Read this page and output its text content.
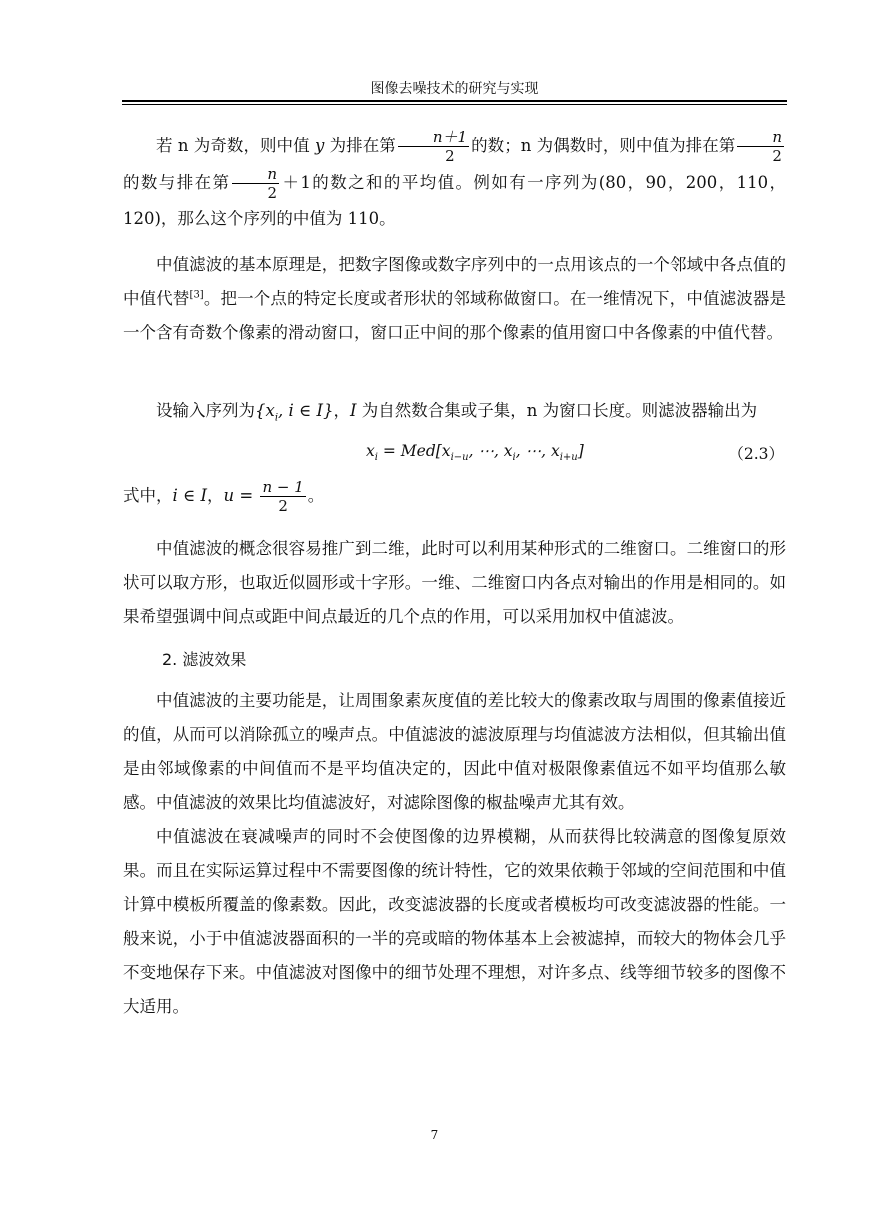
图像去噪技术的研究与实现

若 n 为奇数，则中值 y 为排在第 $\frac{n+1}{2}$ 的数；n 为偶数时，则中值为排在第 $\frac{n}{2}$
的数与排在第 $\frac{n}{2} +1$的数之和的平均值。例如有一序列为(80，90，200，110，120)，那么这个序列的中值为 110。

中值滤波的基本原理是，把数字图像或数字序列中的一点用该点的一个邻域中各点值的中值代替[3]。把一个点的特定长度或者形状的邻域称做窗口。在一维情况下，中值滤波器是一个含有奇数个像素的滑动窗口，窗口正中间的那个像素的值用窗口中各像素的中值代替。

设输入序列为{$x_i$, i ∈ I}，I 为自然数合集或子集，n 为窗口长度。则滤波器输出为

$x_i = Med[x_{i-u}$, ⋯, $x_i$, ⋯, $x_{i+u}$]	（2.3）

式中，i ∈ I，$u = \frac{n - 1}{2}$ 。

中值滤波的概念很容易推广到二维，此时可以利用某种形式的二维窗口。二维窗口的形状可以取方形，也取近似圆形或十字形。一维、二维窗口内各点对输出的作用是相同的。如果希望强调中间点或距中间点最近的几个点的作用，可以采用加权中值滤波。

2. 滤波效果

中值滤波的主要功能是，让周围象素灰度值的差比较大的像素改取与周围的像素值接近的值，从而可以消除孤立的噪声点。中值滤波的滤波原理与均值滤波方法相似，但其输出值是由邻域像素的中间值而不是平均值决定的，因此中值对极限像素值远不如平均值那么敏感。中值滤波的效果比均值滤波好，对滤除图像的椒盐噪声尤其有效。

中值滤波在衰减噪声的同时不会使图像的边界模糊，从而获得比较满意的图像复原效果。而且在实际运算过程中不需要图像的统计特性，它的效果依赖于邻域的空间范围和中值计算中模板所覆盖的像素数。因此，改变滤波器的长度或者模板均可改变滤波器的性能。一般来说，小于中值滤波器面积的一半的亮或暗的物体基本上会被滤掉，而较大的物体会几乎不变地保存下来。中值滤波对图像中的细节处理不理想，对许多点、线等细节较多的图像不大适用。

7
